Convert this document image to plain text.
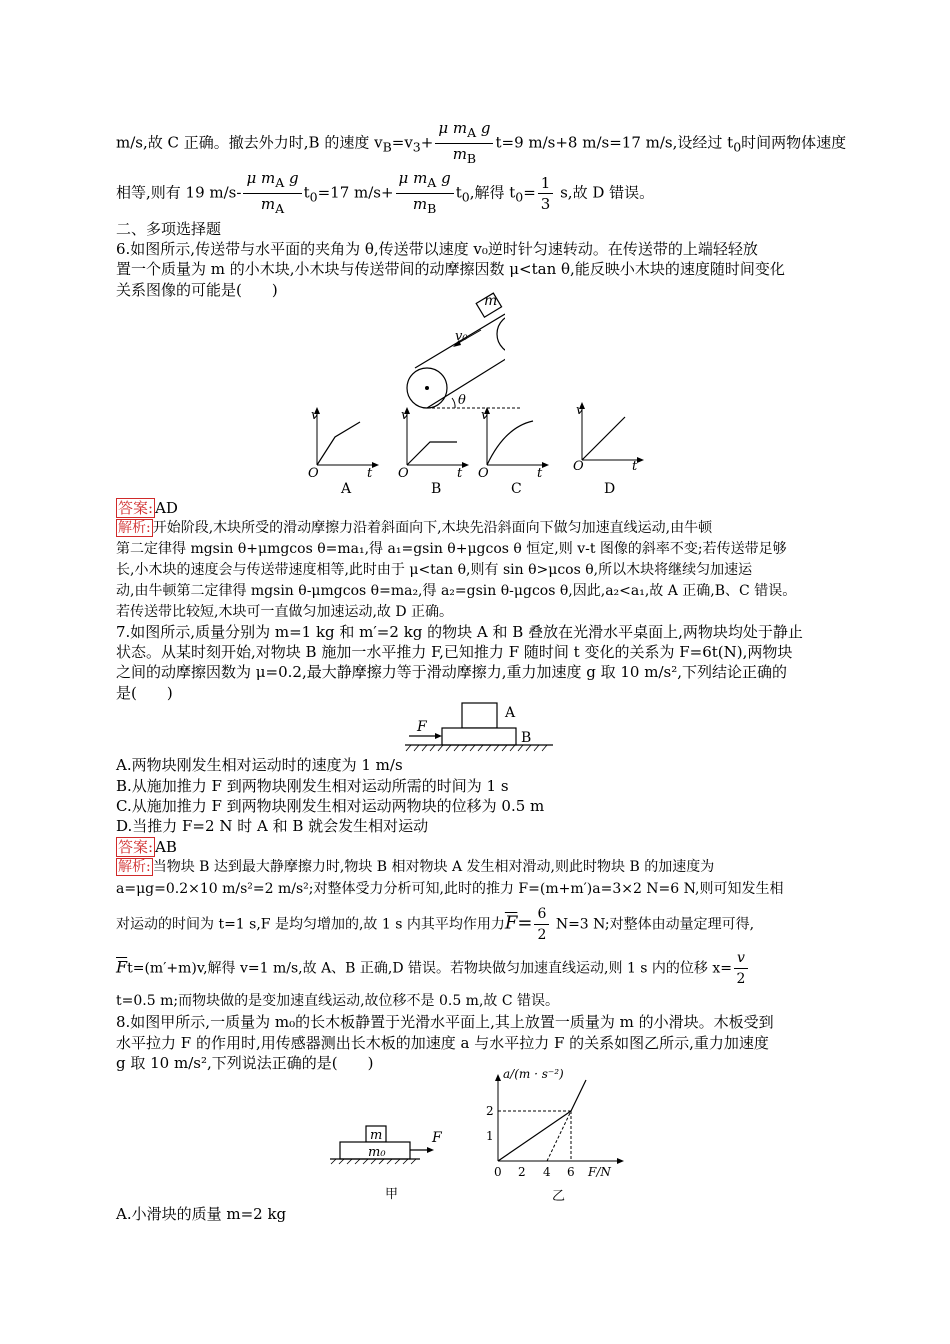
m/s,故 C 正确。撤去外力时,B 的速度 $v_B=v_3+ \frac{\mu m_A g}{m_B} t=9$ m/s+8 m/s=17 m/s,设经过 $t_0$时间两物体速度
相等,则有 19 $m/s- \frac{\mu m_A g}{m_A} t_0=17$ $m/s+ \frac{\mu m_A g}{m_B} t_0$,解得 $t_0= \frac{1}{3} s$,故 D 错误。
二、多项选择题
6.如图所示,传送带与水平面的夹角为 θ,传送带以速度 v₀逆时针匀速转动。在传送带的上端轻轻放
置一个质量为 m 的小木块,小木块与传送带间的动摩擦因数 μ<tan θ,能反映小木块的速度随时间变化
关系图像的可能是(　　)
m
v₀
θ
v
t
O
A
v
t
O
B
v
t
O
C
v
t
O
D
答案: AD
解析: 开始阶段,木块所受的滑动摩擦力沿着斜面向下,木块先沿斜面向下做匀加速直线运动,由牛顿
第二定律得 mgsin θ+μmgcos θ=ma₁,得 a₁=gsin θ+μgcos θ 恒定,则 v-t 图像的斜率不变;若传送带足够
长,小木块的速度会与传送带速度相等,此时由于 μ<tan θ,则有 sin θ>μcos θ,所以木块将继续匀加速运
动,由牛顿第二定律得 mgsin θ-μmgcos θ=ma₂,得 a₂=gsin θ-μgcos θ,因此,a₂<a₁,故 A 正确,B、C 错误。
若传送带比较短,木块可一直做匀加速运动,故 D 正确。
7.如图所示,质量分别为 m=1 kg 和 m′=2 kg 的物块 A 和 B 叠放在光滑水平桌面上,两物块均处于静止
状态。从某时刻开始,对物块 B 施加一水平推力 F,已知推力 F 随时间 t 变化的关系为 F=6t(N),两物块
之间的动摩擦因数为 μ=0.2,最大静摩擦力等于滑动摩擦力,重力加速度 g 取 10 m/s²,下列结论正确的
是(　　)
F
A
B
A.两物块刚发生相对运动时的速度为 1 m/s
B.从施加推力 F 到两物块刚发生相对运动所需的时间为 1 s
C.从施加推力 F 到两物块刚发生相对运动两物块的位移为 0.5 m
D.当推力 F=2 N 时 A 和 B 就会发生相对运动
答案: AB
解析: 当物块 B 达到最大静摩擦力时,物块 B 相对物块 A 发生相对滑动,则此时物块 B 的加速度为
a=μg=0.2×10 m/s²=2 m/s²;对整体受力分析可知,此时的推力 F=(m+m′)a=3×2 N=6 N,则可知发生相
对运动的时间为 t=1 s,F 是均匀增加的,故 1 s 内其平均作用力$\overline{F}= \frac{6}{2} N=3$ N;对整体由动量定理可得,
$\overline{F}t=(m'+m)v$,解得 v=1 m/s,故 A、B 正确,D 错误。若物块做匀加速直线运动,则 1 s 内的位移 $x= \frac{v}{2}$
t=0.5 m;而物块做的是变加速直线运动,故位移不是 0.5 m,故 C 错误。
8.如图甲所示,一质量为 m₀的长木板静置于光滑水平面上,其上放置一质量为 m 的小滑块。木板受到
水平拉力 F 的作用时,用传感器测出长木板的加速度 a 与水平拉力 F 的关系如图乙所示,重力加速度
g 取 10 m/s²,下列说法正确的是(　　)
m
m₀
F
甲
a/(m · s⁻²)
2
1
0 2 4 6 F/N
乙
A.小滑块的质量 m=2 kg
